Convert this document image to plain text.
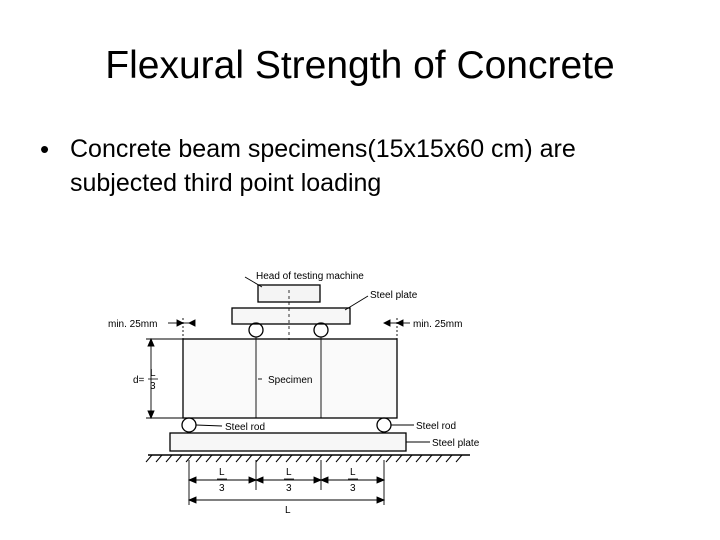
Flexural Strength of Concrete
• Concrete beam specimens(15x15x60 cm) are subjected third point loading
Head of testing machine
Steel plate
min. 25mm	min. 25mm
d=
L
3
Specimen
Steel rod	Steel rod
Steel plate
L
3
L
3
L
3
L
